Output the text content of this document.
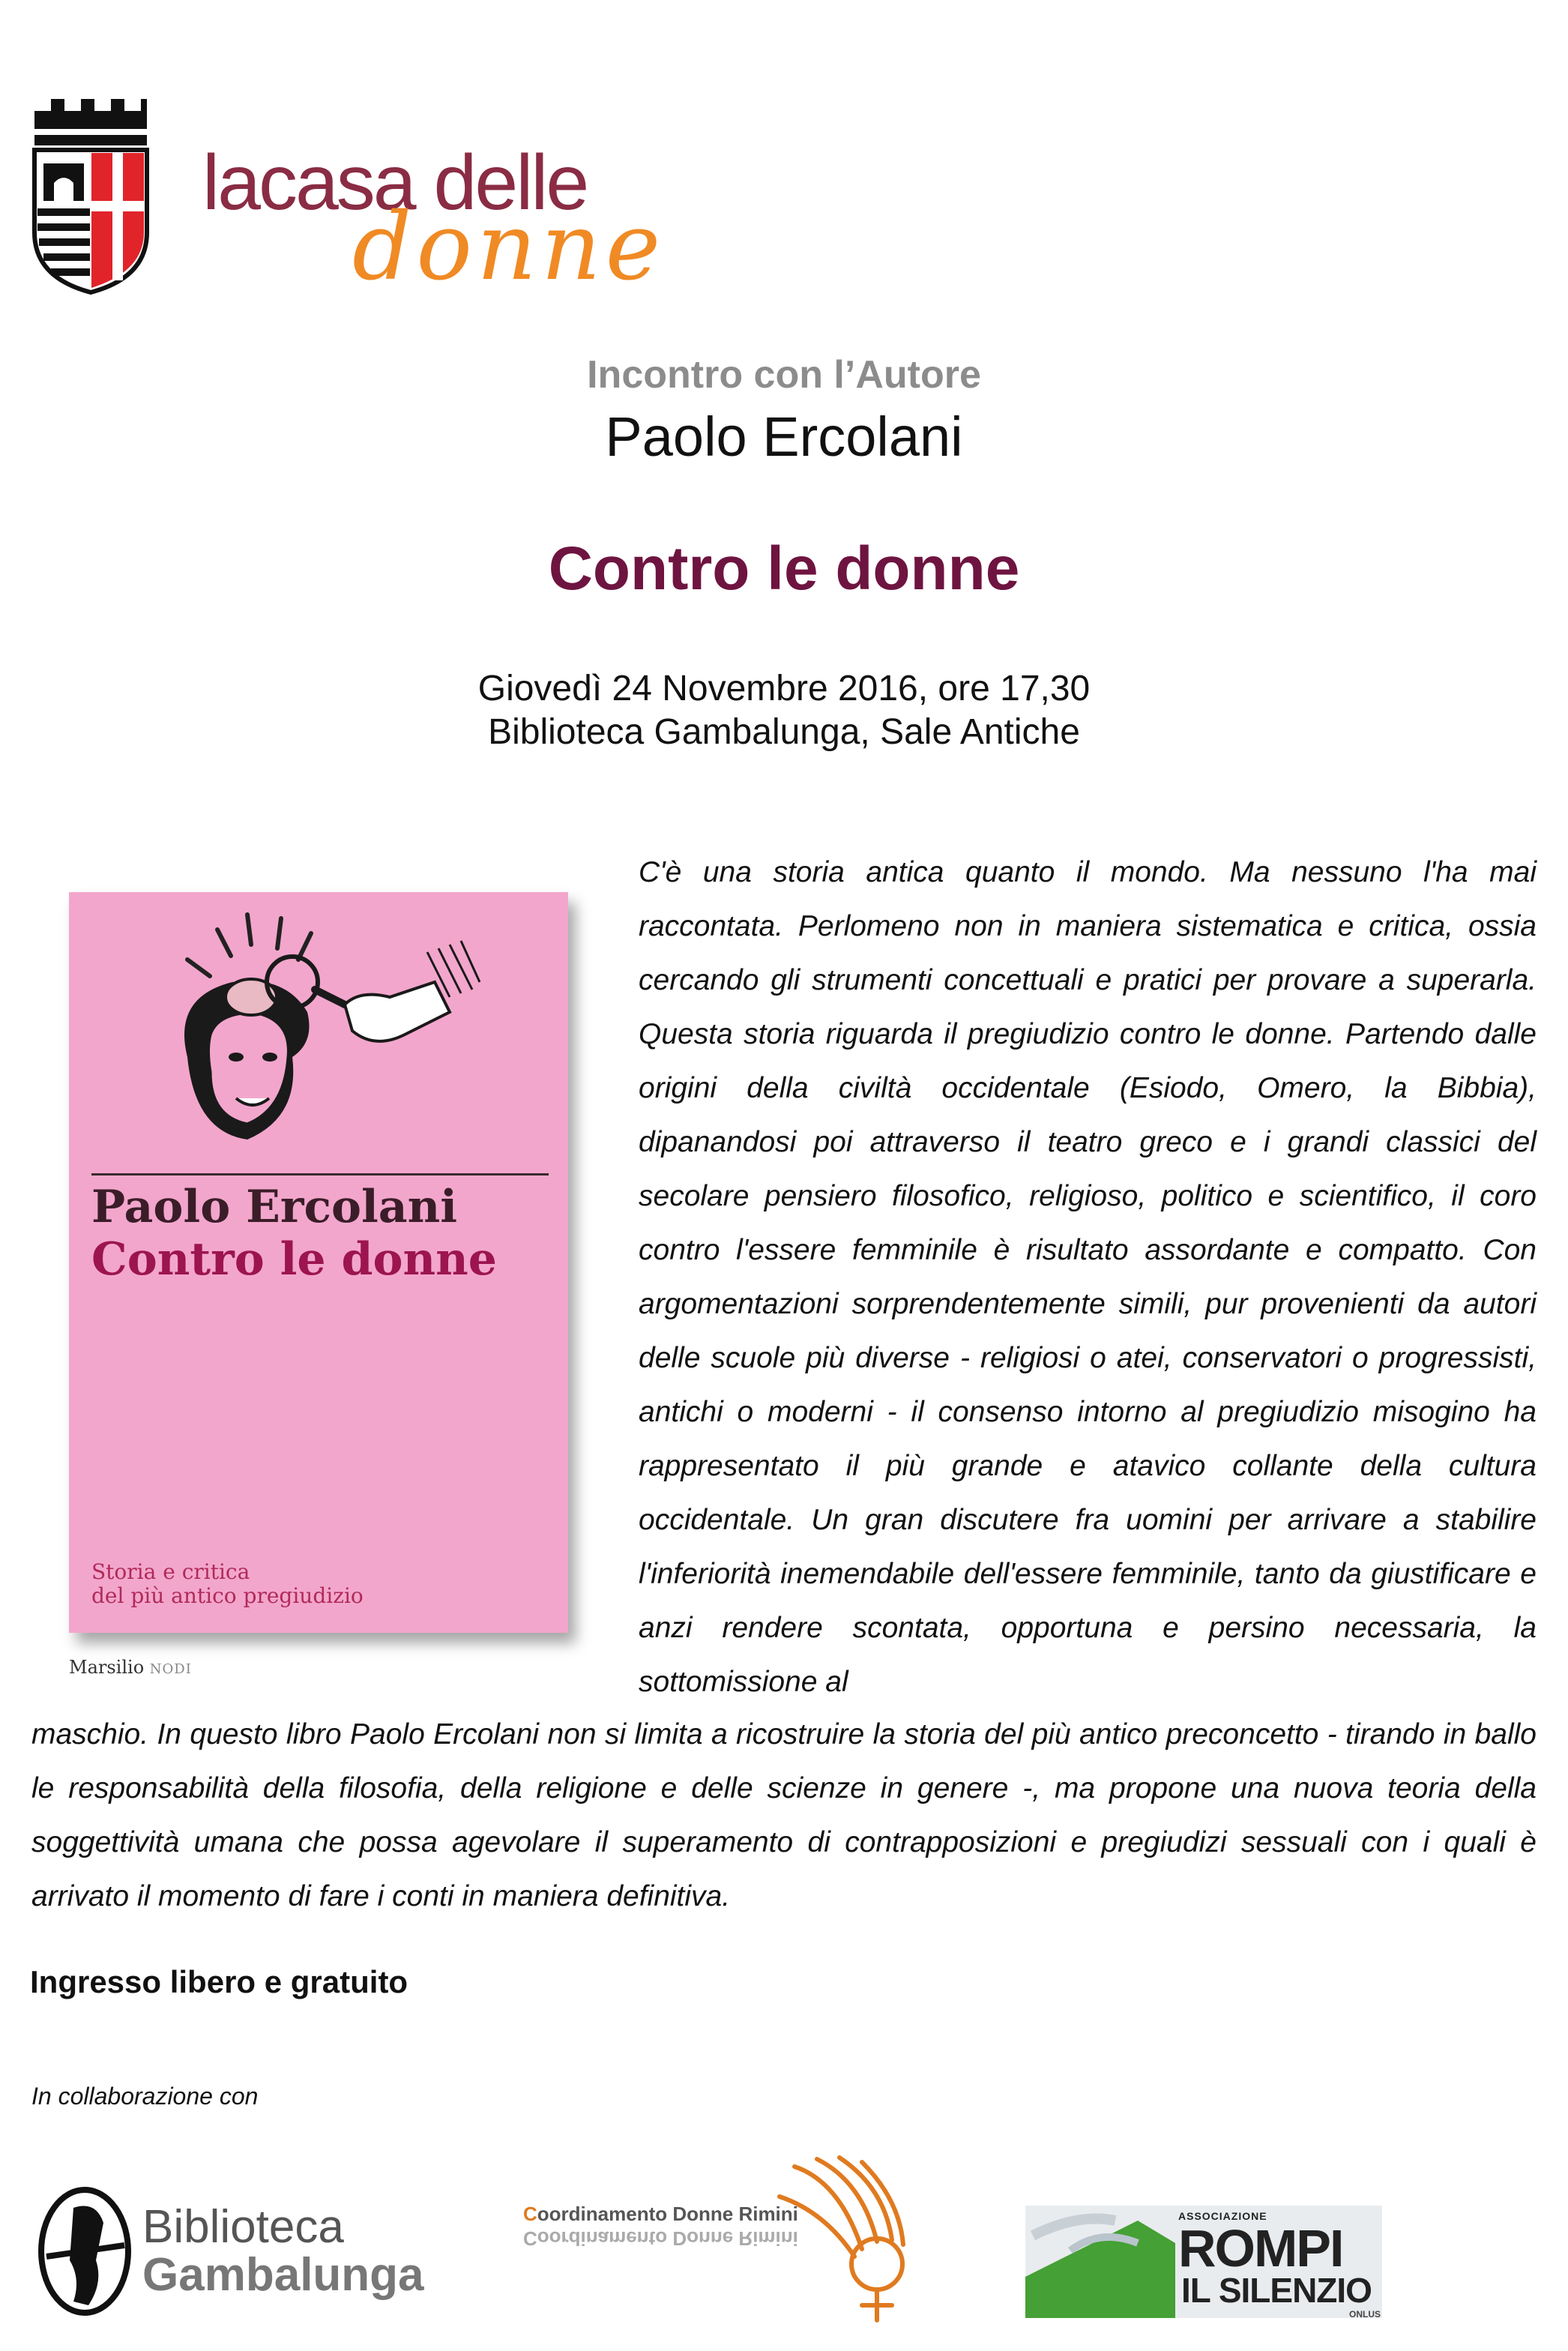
lacasa delle
donne
Incontro con l’Autore
Paolo Ercolani
Contro le donne
Giovedì 24 Novembre 2016, ore 17,30
Biblioteca Gambalunga, Sale Antiche
Paolo Ercolani
Contro le donne
Storia e critica
del più antico pregiudizio
Marsilio NODI
C'è una storia antica quanto il mondo. Ma nessuno l'ha mai raccontata. Perlomeno non in maniera sistematica e critica, ossia cercando gli strumenti concettuali e pratici per provare a superarla. Questa storia riguarda il pregiudizio contro le donne. Partendo dalle origini della civiltà occidentale (Esiodo, Omero, la Bibbia), dipanandosi poi attraverso il teatro greco e i grandi classici del secolare pensiero filosofico, religioso, politico e scientifico, il coro contro l'essere femminile è risultato assordante e compatto. Con argomentazioni sorprendentemente simili, pur provenienti da autori delle scuole più diverse - religiosi o atei, conservatori o progressisti, antichi o moderni - il consenso intorno al pregiudizio misogino ha rappresentato il più grande e atavico collante della cultura occidentale. Un gran discutere fra uomini per arrivare a stabilire l'inferiorità inemendabile dell'essere femminile, tanto da giustificare e anzi rendere scontata, opportuna e persino necessaria, la sottomissione al
maschio. In questo libro Paolo Ercolani non si limita a ricostruire la storia del più antico preconcetto - tirando in ballo le responsabilità della filosofia, della religione e delle scienze in genere -, ma propone una nuova teoria della soggettività umana che possa agevolare il superamento di contrapposizioni e pregiudizi sessuali con i quali è arrivato il momento di fare i conti in maniera definitiva.
Ingresso libero e gratuito
In collaborazione con
Biblioteca
Gambalunga
Coordinamento Donne Rimini
Coordinamento Donne Rimini
ASSOCIAZIONE
ROMPI
IL SILENZIO
ONLUS
